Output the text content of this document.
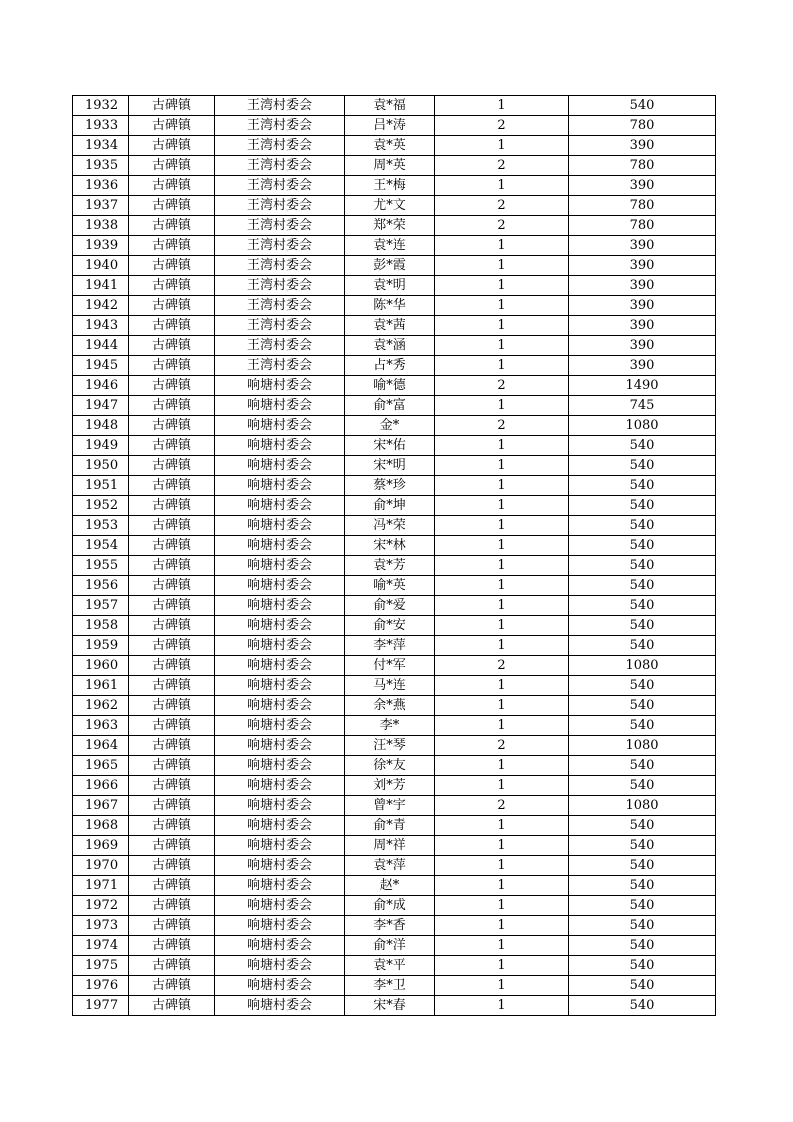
1932	古碑镇	王湾村委会	袁*福	1	540
1933	古碑镇	王湾村委会	吕*涛	2	780
1934	古碑镇	王湾村委会	袁*英	1	390
1935	古碑镇	王湾村委会	周*英	2	780
1936	古碑镇	王湾村委会	王*梅	1	390
1937	古碑镇	王湾村委会	尤*文	2	780
1938	古碑镇	王湾村委会	郑*荣	2	780
1939	古碑镇	王湾村委会	袁*连	1	390
1940	古碑镇	王湾村委会	彭*霞	1	390
1941	古碑镇	王湾村委会	袁*明	1	390
1942	古碑镇	王湾村委会	陈*华	1	390
1943	古碑镇	王湾村委会	袁*茜	1	390
1944	古碑镇	王湾村委会	袁*涵	1	390
1945	古碑镇	王湾村委会	占*秀	1	390
1946	古碑镇	响塘村委会	喻*德	2	1490
1947	古碑镇	响塘村委会	俞*富	1	745
1948	古碑镇	响塘村委会	金*	2	1080
1949	古碑镇	响塘村委会	宋*佑	1	540
1950	古碑镇	响塘村委会	宋*明	1	540
1951	古碑镇	响塘村委会	蔡*珍	1	540
1952	古碑镇	响塘村委会	俞*坤	1	540
1953	古碑镇	响塘村委会	冯*荣	1	540
1954	古碑镇	响塘村委会	宋*林	1	540
1955	古碑镇	响塘村委会	袁*芳	1	540
1956	古碑镇	响塘村委会	喻*英	1	540
1957	古碑镇	响塘村委会	俞*爱	1	540
1958	古碑镇	响塘村委会	俞*安	1	540
1959	古碑镇	响塘村委会	李*萍	1	540
1960	古碑镇	响塘村委会	付*军	2	1080
1961	古碑镇	响塘村委会	马*连	1	540
1962	古碑镇	响塘村委会	余*燕	1	540
1963	古碑镇	响塘村委会	李*	1	540
1964	古碑镇	响塘村委会	汪*琴	2	1080
1965	古碑镇	响塘村委会	徐*友	1	540
1966	古碑镇	响塘村委会	刘*芳	1	540
1967	古碑镇	响塘村委会	曾*宇	2	1080
1968	古碑镇	响塘村委会	俞*青	1	540
1969	古碑镇	响塘村委会	周*祥	1	540
1970	古碑镇	响塘村委会	袁*萍	1	540
1971	古碑镇	响塘村委会	赵*	1	540
1972	古碑镇	响塘村委会	俞*成	1	540
1973	古碑镇	响塘村委会	李*香	1	540
1974	古碑镇	响塘村委会	俞*洋	1	540
1975	古碑镇	响塘村委会	袁*平	1	540
1976	古碑镇	响塘村委会	李*卫	1	540
1977	古碑镇	响塘村委会	宋*春	1	540
